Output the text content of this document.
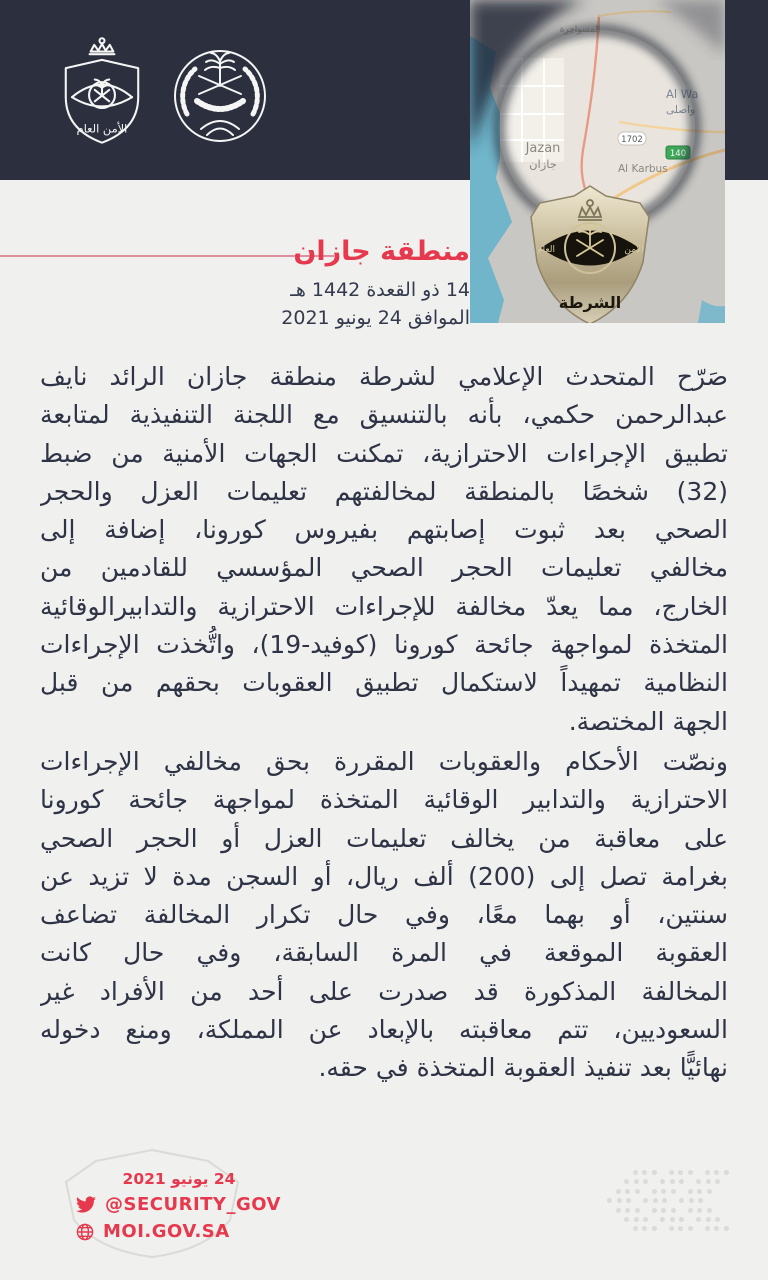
الأمن العام
1702
140
المسواجرة
Al Wa
واصلى
Jazan
جازان	Al Karbus
الأمن
العام
الشرطة
منطقة جازان
14 ذو القعدة 1442 هـ
الموافق 24 يونيو 2021
صَرّح المتحدث الإعلامي لشرطة منطقة جازان الرائد نايف
عبدالرحمن حكمي، بأنه بالتنسيق مع اللجنة التنفيذية لمتابعة
تطبيق الإجراءات الاحترازية، تمكنت الجهات الأمنية من ضبط
(32) شخصًا بالمنطقة لمخالفتهم تعليمات العزل والحجر
الصحي بعد ثبوت إصابتهم بفيروس كورونا، إضافة إلى
مخالفي تعليمات الحجر الصحي المؤسسي للقادمين من
الخارج، مما يعدّ مخالفة للإجراءات الاحترازية والتدابيرالوقائية
المتخذة لمواجهة جائحة كورونا (كوفيد-19)، واتُّخذت الإجراءات
النظامية تمهيداً لاستكمال تطبيق العقوبات بحقهم من قبل
الجهة المختصة.
ونصّت الأحكام والعقوبات المقررة بحق مخالفي الإجراءات
الاحترازية والتدابير الوقائية المتخذة لمواجهة جائحة كورونا
على معاقبة من يخالف تعليمات العزل أو الحجر الصحي
بغرامة تصل إلى (200) ألف ريال، أو السجن مدة لا تزيد عن
سنتين، أو بهما معًا، وفي حال تكرار المخالفة تضاعف
العقوبة الموقعة في المرة السابقة، وفي حال كانت
المخالفة المذكورة قد صدرت على أحد من الأفراد غير
السعوديين، تتم معاقبته بالإبعاد عن المملكة، ومنع دخوله
نهائيًّا بعد تنفيذ العقوبة المتخذة في حقه.
24 يونيو 2021
@SECURITY_GOV
MOI.GOV.SA
